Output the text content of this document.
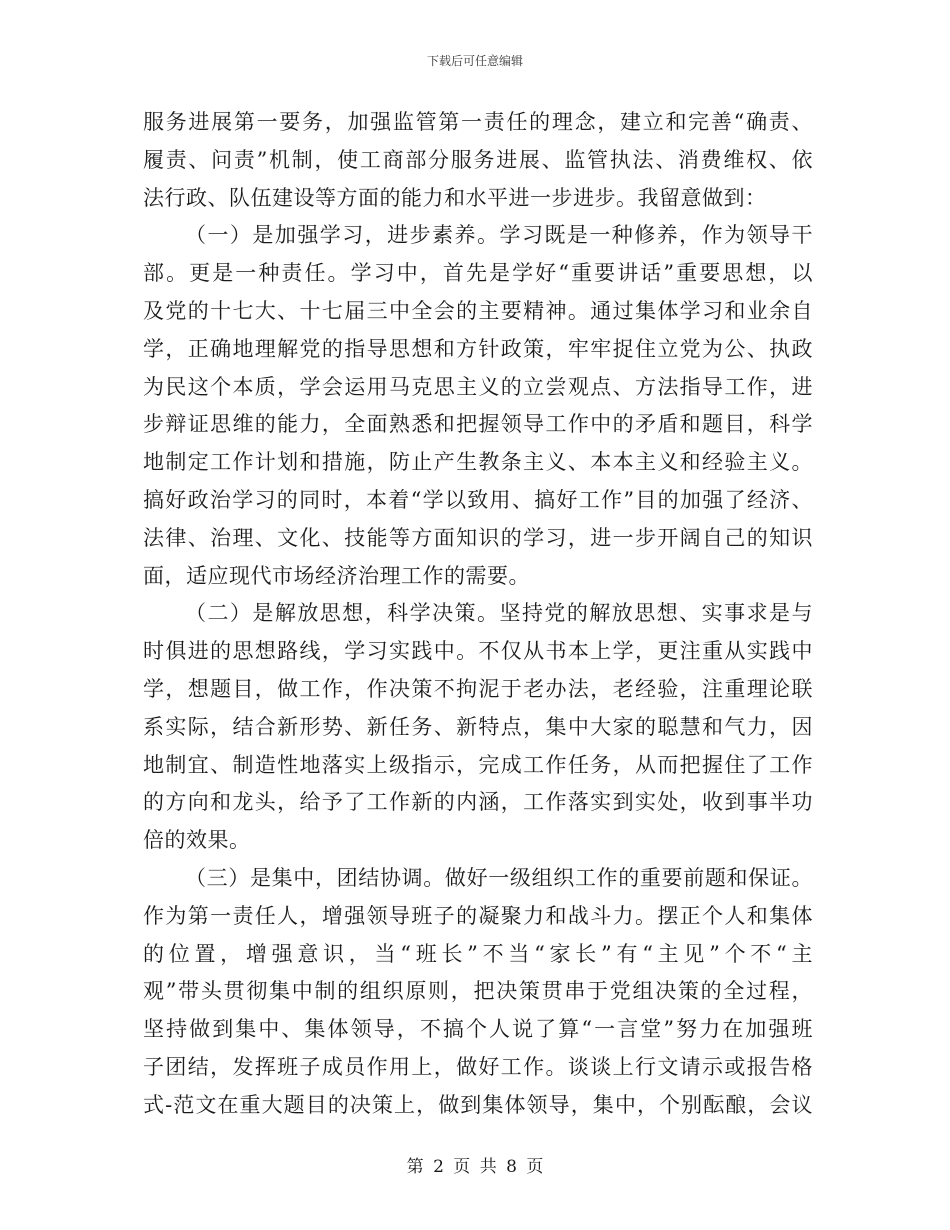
下载后可任意编辑
服务进展第一要务，加强监管第一责任的理念，建立和完善“确责、
履责、问责”机制，使工商部分服务进展、监管执法、消费维权、依
法行政、队伍建设等方面的能力和水平进一步进步。我留意做到：
（一）是加强学习，进步素养。学习既是一种修养，作为领导干
部。更是一种责任。学习中，首先是学好“重要讲话”重要思想，以
及党的十七大、十七届三中全会的主要精神。通过集体学习和业余自
学，正确地理解党的指导思想和方针政策，牢牢捉住立党为公、执政
为民这个本质，学会运用马克思主义的立尝观点、方法指导工作，进
步辩证思维的能力，全面熟悉和把握领导工作中的矛盾和题目，科学
地制定工作计划和措施，防止产生教条主义、本本主义和经验主义。
搞好政治学习的同时，本着“学以致用、搞好工作”目的加强了经济、
法律、治理、文化、技能等方面知识的学习，进一步开阔自己的知识
面，适应现代市场经济治理工作的需要。
（二）是解放思想，科学决策。坚持党的解放思想、实事求是与
时俱进的思想路线，学习实践中。不仅从书本上学，更注重从实践中
学，想题目，做工作，作决策不拘泥于老办法，老经验，注重理论联
系实际，结合新形势、新任务、新特点，集中大家的聪慧和气力，因
地制宜、制造性地落实上级指示，完成工作任务，从而把握住了工作
的方向和龙头，给予了工作新的内涵，工作落实到实处，收到事半功
倍的效果。
（三）是集中，团结协调。做好一级组织工作的重要前题和保证。
作为第一责任人，增强领导班子的凝聚力和战斗力。摆正个人和集体
的位置，增强意识，当“班长”不当“家长”有“主见”个不“主
观”带头贯彻集中制的组织原则，把决策贯串于党组决策的全过程，
坚持做到集中、集体领导，不搞个人说了算“一言堂”努力在加强班
子团结，发挥班子成员作用上，做好工作。谈谈上行文请示或报告格
式-范文在重大题目的决策上，做到集体领导，集中，个别酝酿，会议
第 2 页 共 8 页
